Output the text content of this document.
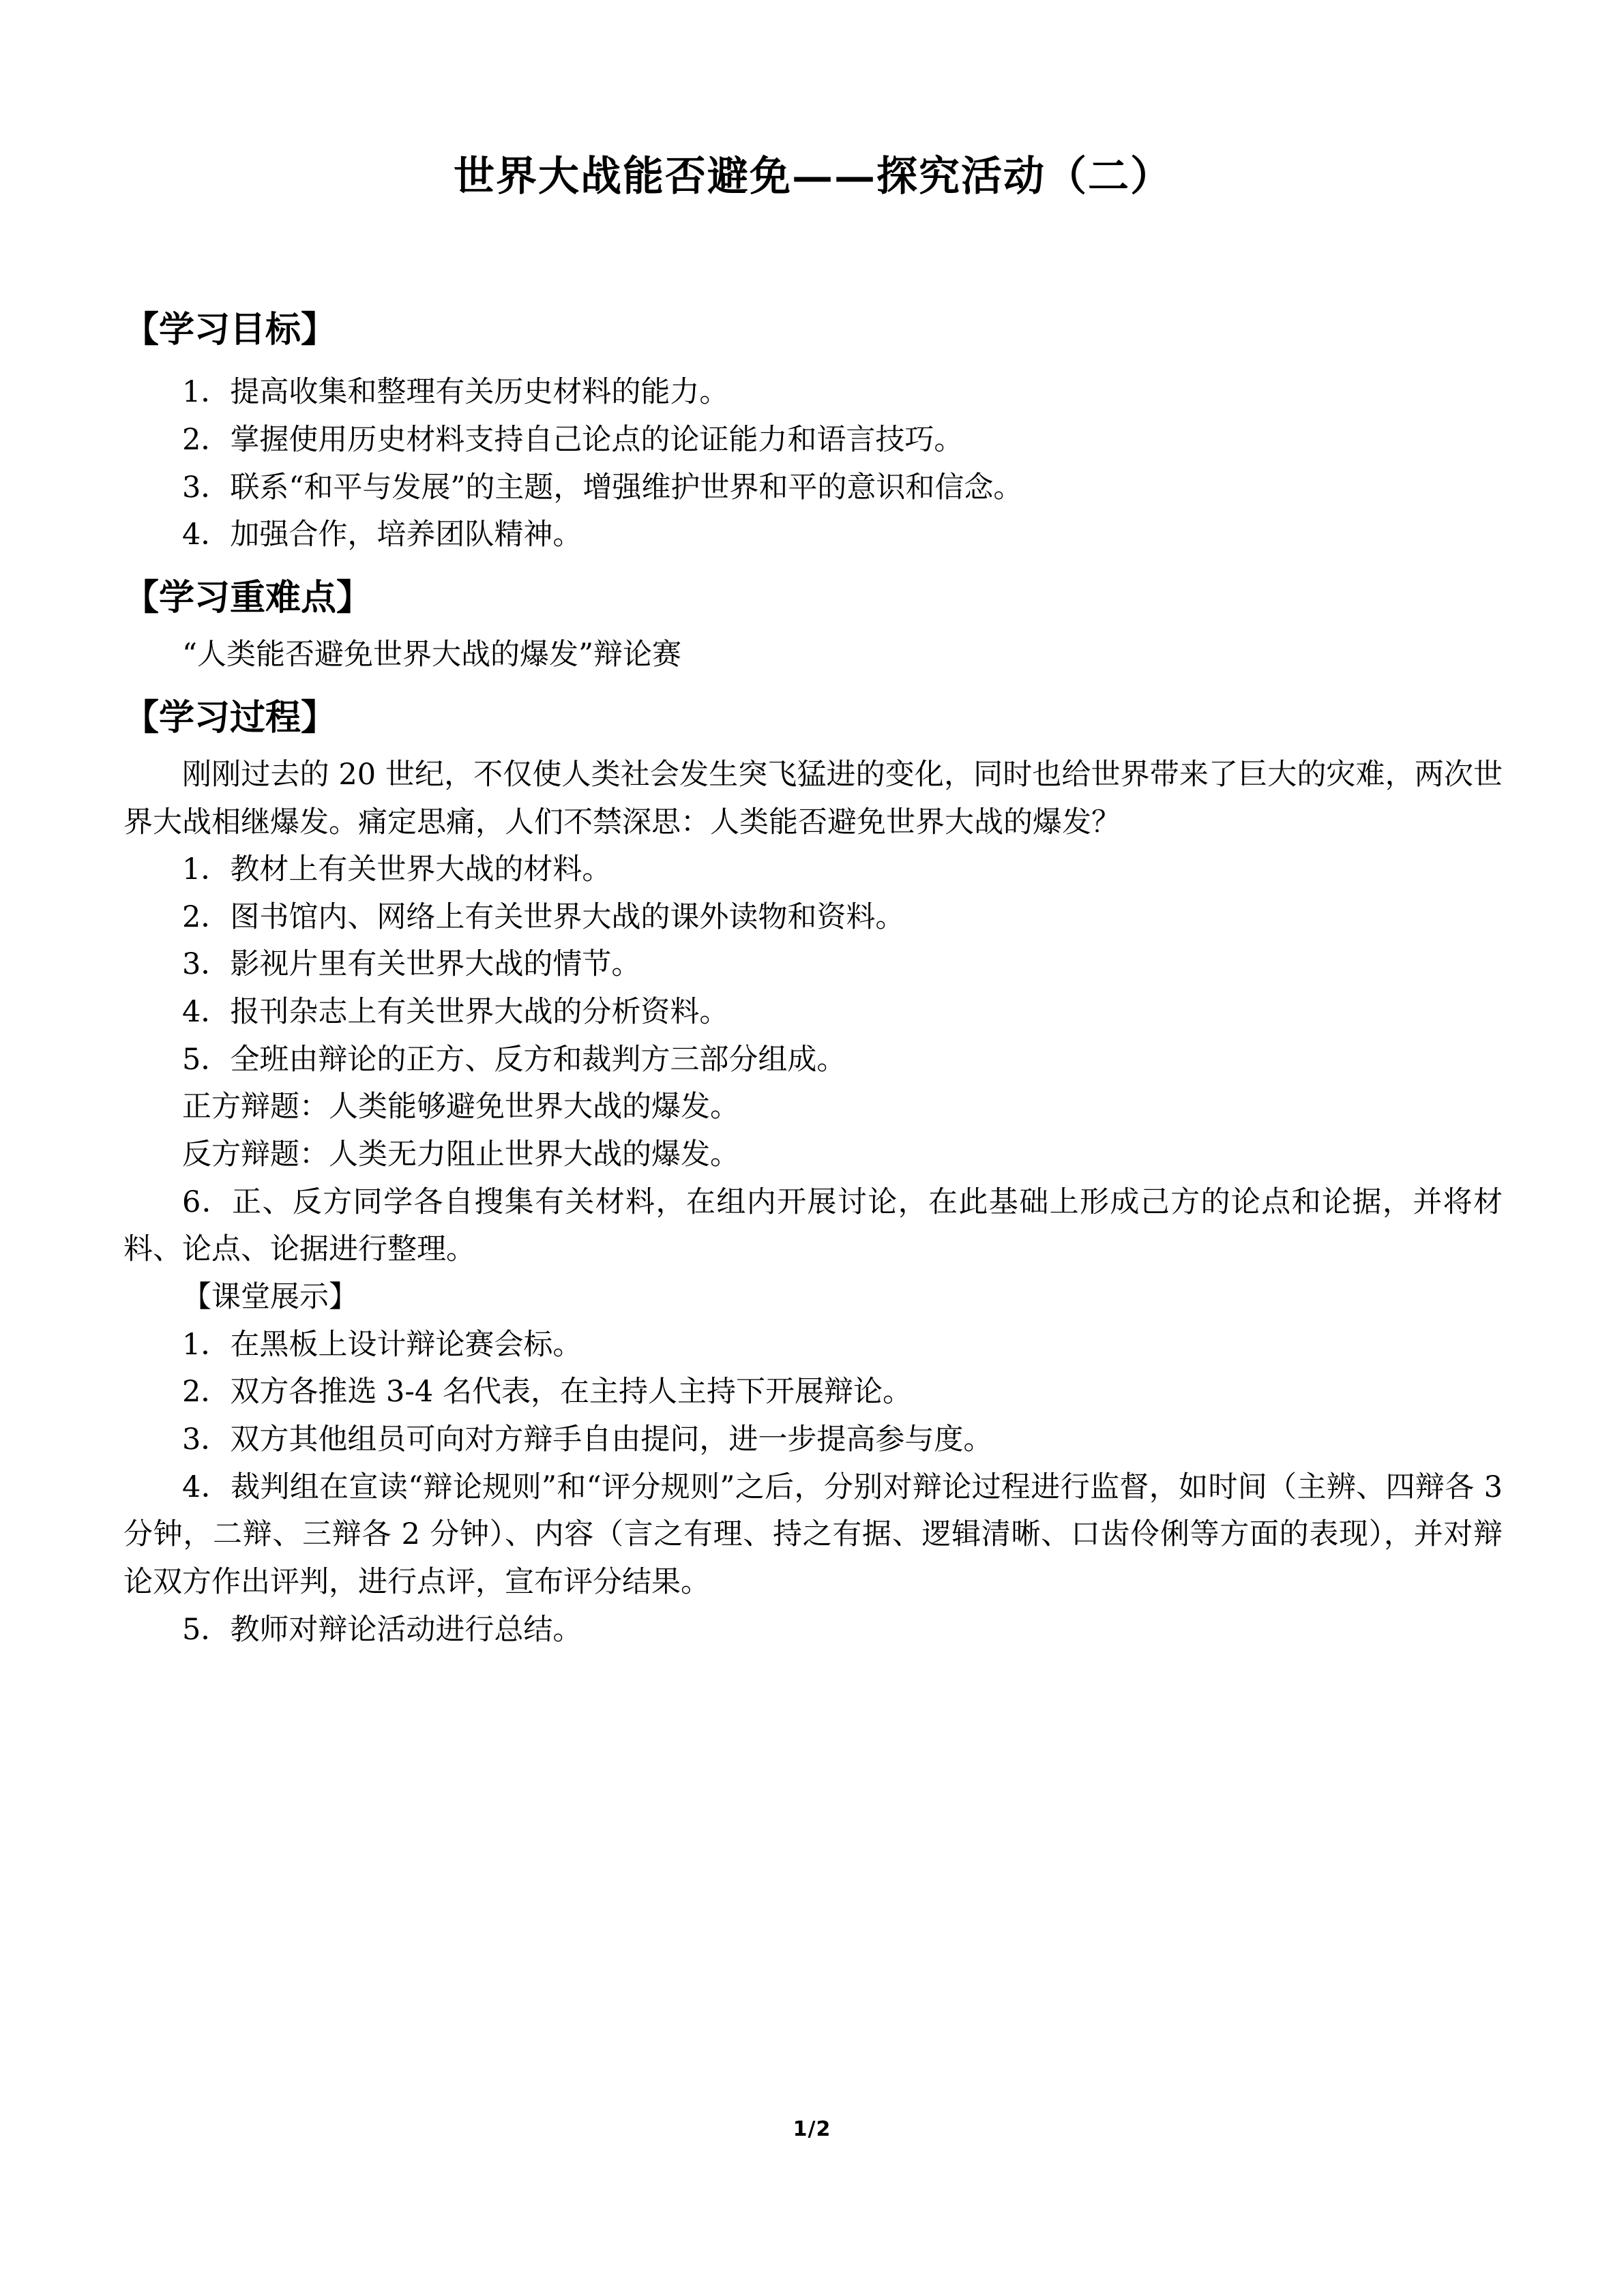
世界大战能否避免——探究活动（二）
【学习目标】

1．提高收集和整理有关历史材料的能力。

2．掌握使用历史材料支持自己论点的论证能力和语言技巧。

3．联系“和平与发展”的主题，增强维护世界和平的意识和信念。

4．加强合作，培养团队精神。

【学习重难点】

“人类能否避免世界大战的爆发”辩论赛

【学习过程】

刚刚过去的 20 世纪，不仅使人类社会发生突飞猛进的变化，同时也给世界带来了巨大的灾难，两次世界大战相继爆发。痛定思痛，人们不禁深思：人类能否避免世界大战的爆发？

1．教材上有关世界大战的材料。

2．图书馆内、网络上有关世界大战的课外读物和资料。

3．影视片里有关世界大战的情节。

4．报刊杂志上有关世界大战的分析资料。

5．全班由辩论的正方、反方和裁判方三部分组成。

正方辩题：人类能够避免世界大战的爆发。

反方辩题：人类无力阻止世界大战的爆发。

6．正、反方同学各自搜集有关材料，在组内开展讨论，在此基础上形成己方的论点和论据，并将材料、论点、论据进行整理。

【课堂展示】

1．在黑板上设计辩论赛会标。

2．双方各推选 3-4 名代表，在主持人主持下开展辩论。

3．双方其他组员可向对方辩手自由提问，进一步提高参与度。

4．裁判组在宣读“辩论规则”和“评分规则”之后，分别对辩论过程进行监督，如时间（主辨、四辩各 3 分钟，二辩、三辩各 2 分钟）、内容（言之有理、持之有据、逻辑清晰、口齿伶俐等方面的表现），并对辩论双方作出评判，进行点评，宣布评分结果。

5．教师对辩论活动进行总结。

1/2
